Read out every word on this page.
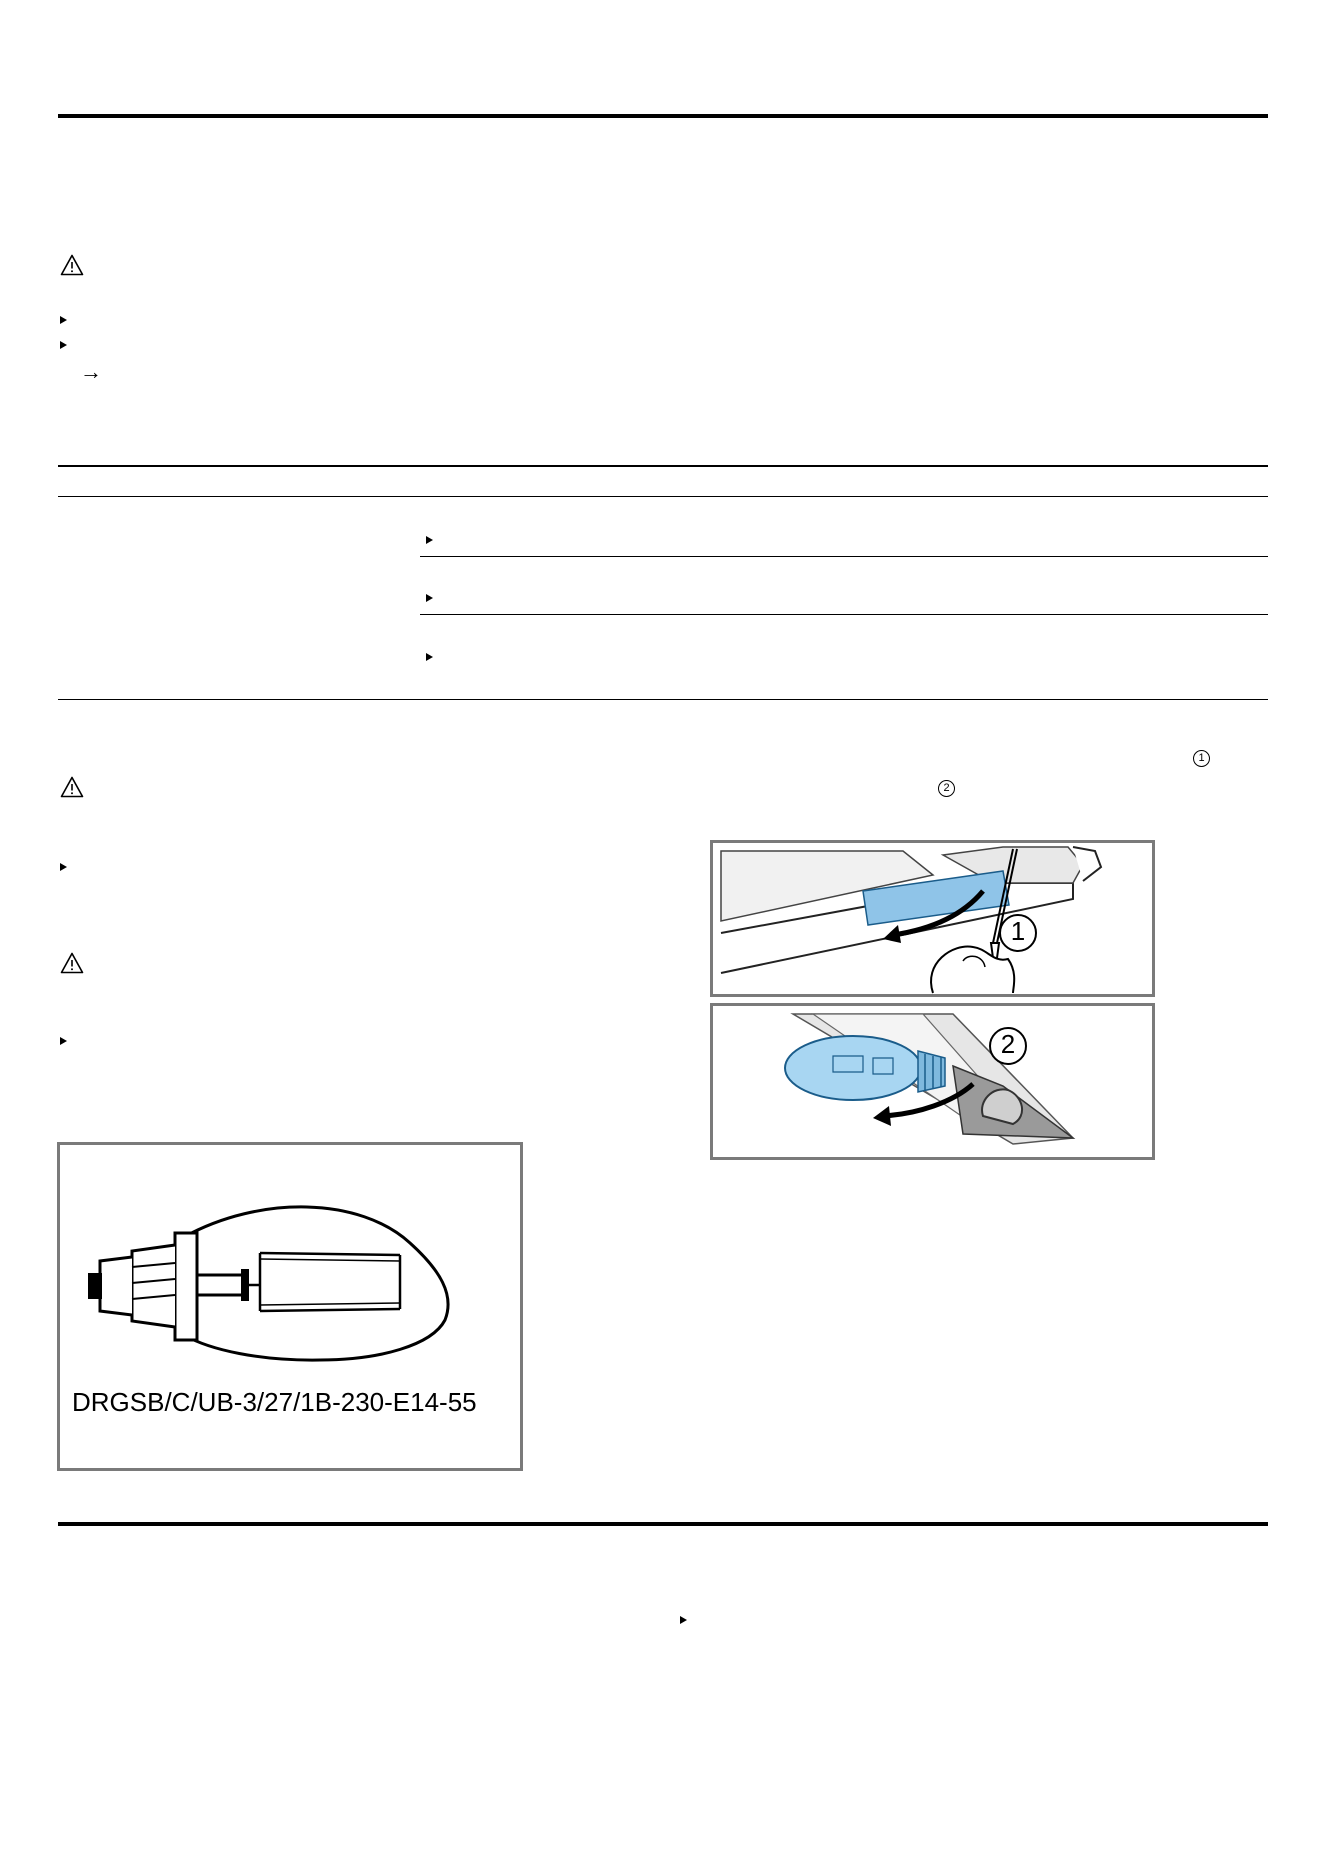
→
1
2
DRGSB/C/UB-3/27/1B-230-E14-55
1
2
